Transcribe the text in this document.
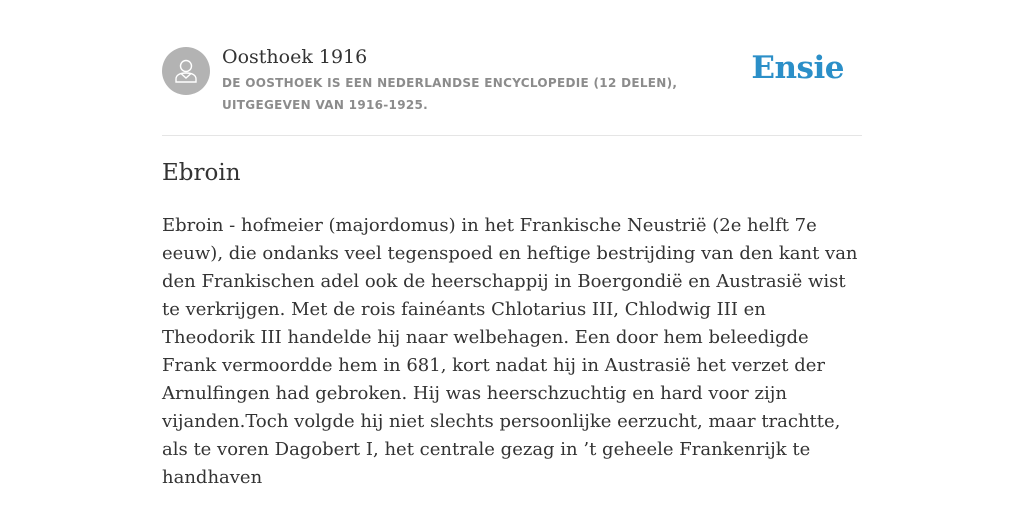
Oosthoek 1916
DE OOSTHOEK IS EEN NEDERLANDSE ENCYCLOPEDIE (12 DELEN), UITGEGEVEN VAN 1916-1925.
Ensie
Ebroin

Ebroin - hofmeier (majordomus) in het Frankische Neustrië (2e helft 7e eeuw), die ondanks veel tegenspoed en heftige bestrijding van den kant van den Frankischen adel ook de heerschappij in Boergondië en Austrasië wist te verkrijgen. Met de rois fainéants Chlotarius III, Chlodwig III en Theodorik III handelde hij naar welbehagen. Een door hem beleedigde Frank vermoordde hem in 681, kort nadat hij in Austrasië het verzet der Arnulfingen had gebroken. Hij was heerschzuchtig en hard voor zijn vijanden.Toch volgde hij niet slechts persoonlijke eerzucht, maar trachtte, als te voren Dagobert I, het centrale gezag in ’t geheele Frankenrijk te handhaven
